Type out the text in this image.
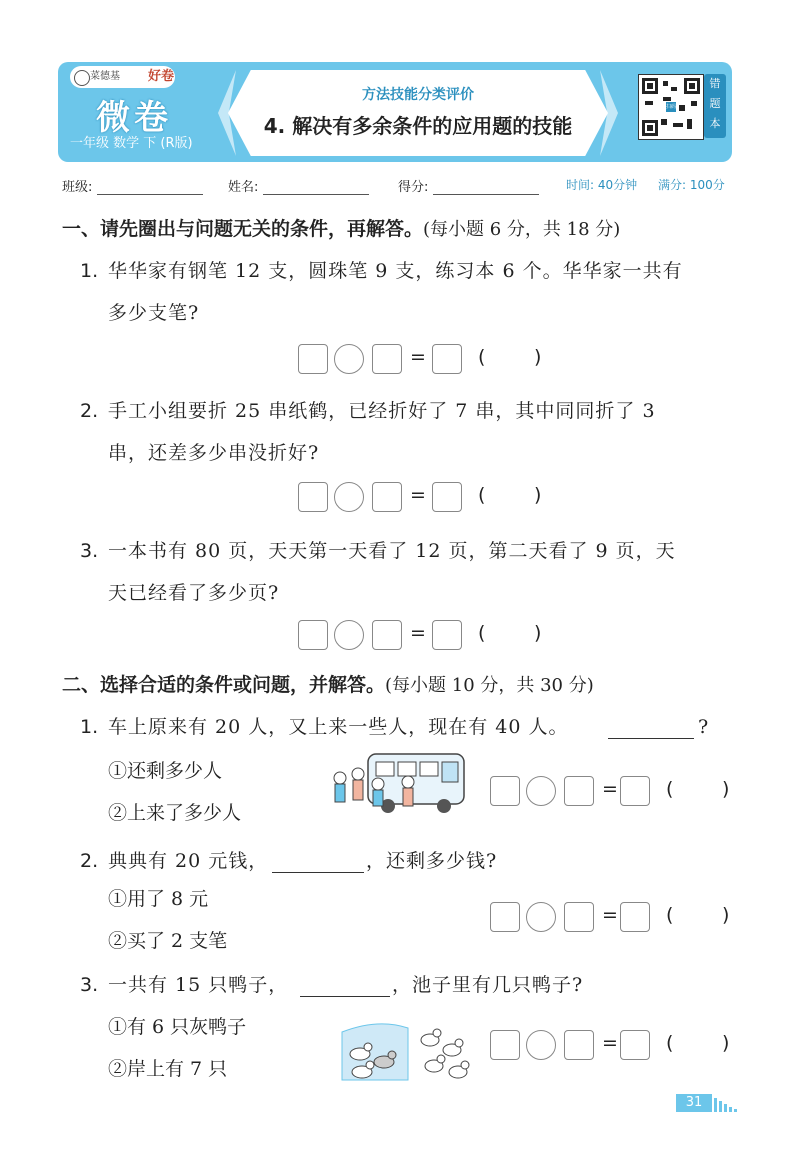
菜德基	好卷
微卷
一年级 数学 下 (R版)
方法技能分类评价
4. 解决有多余条件的应用题的技能
扫码
错
题
本
班级:	姓名:	得分:	时间: 40分钟 满分: 100分
一、请先圈出与问题无关的条件，再解答。(每小题 6 分，共 18 分)
1. 华华家有钢笔 12 支，圆珠笔 9 支，练习本 6 个。华华家一共有
多少支笔?
=	(	)
2. 手工小组要折 25 串纸鹤，已经折好了 7 串，其中同同折了 3
串，还差多少串没折好?
=	(	)
3. 一本书有 80 页，天天第一天看了 12 页，第二天看了 9 页，天
天已经看了多少页?
=	(	)
二、选择合适的条件或问题，并解答。(每小题 10 分，共 30 分)
1. 车上原来有 20 人，又上来一些人，现在有 40 人。	?
①还剩多少人
②上来了多少人
=	(	)
2. 典典有 20 元钱，	，还剩多少钱?
①用了 8 元
②买了 2 支笔
=	(	)
3. 一共有 15 只鸭子，	，池子里有几只鸭子?
①有 6 只灰鸭子
②岸上有 7 只
=	(	)
31
